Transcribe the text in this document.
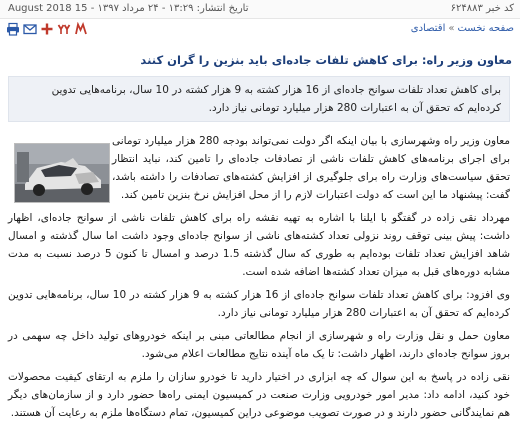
August 2018 15 - تاریخ انتشار: ۱۳:۲۹ - ۲۴ مرداد ۱۳۹۷	کد خبر ۶۲۴۸۸۳
صفحه نخست»اقتصادی
معاون وزیر راه: برای کاهش تلفات جاده‌ای باید بنزین را گران کنند
برای کاهش تعداد تلفات سوانح جاده‌ای از 16 هزار کشته به 9 هزار کشته در 10 سال، برنامه‌هایی تدوین کرده‌ایم که تحقق آن به اعتبارات 280 هزار میلیارد تومانی نیاز دارد.

معاون وزیر راه وشهرسازی با بیان اینکه اگر دولت نمی‌تواند بودجه 280 هزار میلیارد تومانی برای اجرای برنامه‌های کاهش تلفات ناشی از تصادفات جاده‌ای را تامین کند، نباید انتظار تحقق سیاست‌های وزارت راه برای جلوگیری از افزایش کشته‌های تصادفات را داشته باشد، گفت: پیشنهاد ما این است که دولت اعتبارات لازم را از محل افزایش نرخ بنزین تامین کند.

مهرداد نقی زاده در گفتگو با ایلنا با اشاره به تهیه نقشه راه برای کاهش تلفات ناشی از سوانح جاده‌ای، اظهار داشت: پیش بینی توقف روند نزولی تعداد کشته‌های ناشی از سوانح جاده‌ای وجود داشت اما سال گذشته و امسال شاهد افزایش تعداد تلفات بوده‌ایم به طوری که سال گذشته 1.5 درصد و امسال تا کنون 5 درصد نسبت به مدت مشابه دوره‌های قبل به میزان تعداد کشته‌ها اضافه شده است.

وی افزود: برای کاهش تعداد تلفات سوانح جاده‌ای از 16 هزار کشته به 9 هزار کشته در 10 سال، برنامه‌هایی تدوین کرده‌ایم که تحقق آن به اعتبارات 280 هزار میلیارد تومانی نیاز دارد.

معاون حمل و نقل وزارت راه و شهرسازی از انجام مطالعاتی مبنی بر اینکه خودروهای تولید داخل چه سهمی در بروز سوانح جاده‌ای دارند، اظهار داشت: تا یک ماه آینده نتایج مطالعات اعلام می‌شود.

نقی زاده در پاسخ به این سوال که چه ابزاری در اختیار دارید تا خودرو سازان را ملزم به ارتقای کیفیت محصولات خود کنید، ادامه داد: مدیر امور خودرویی وزارت صنعت در کمیسیون ایمنی راه‌ها حضور دارد و از سازمان‌های دیگر هم نمایندگانی حضور دارند و در صورت تصویب موضوعی دراین کمیسیون، تمام دستگاه‌ها ملزم به رعایت آن هستند.
